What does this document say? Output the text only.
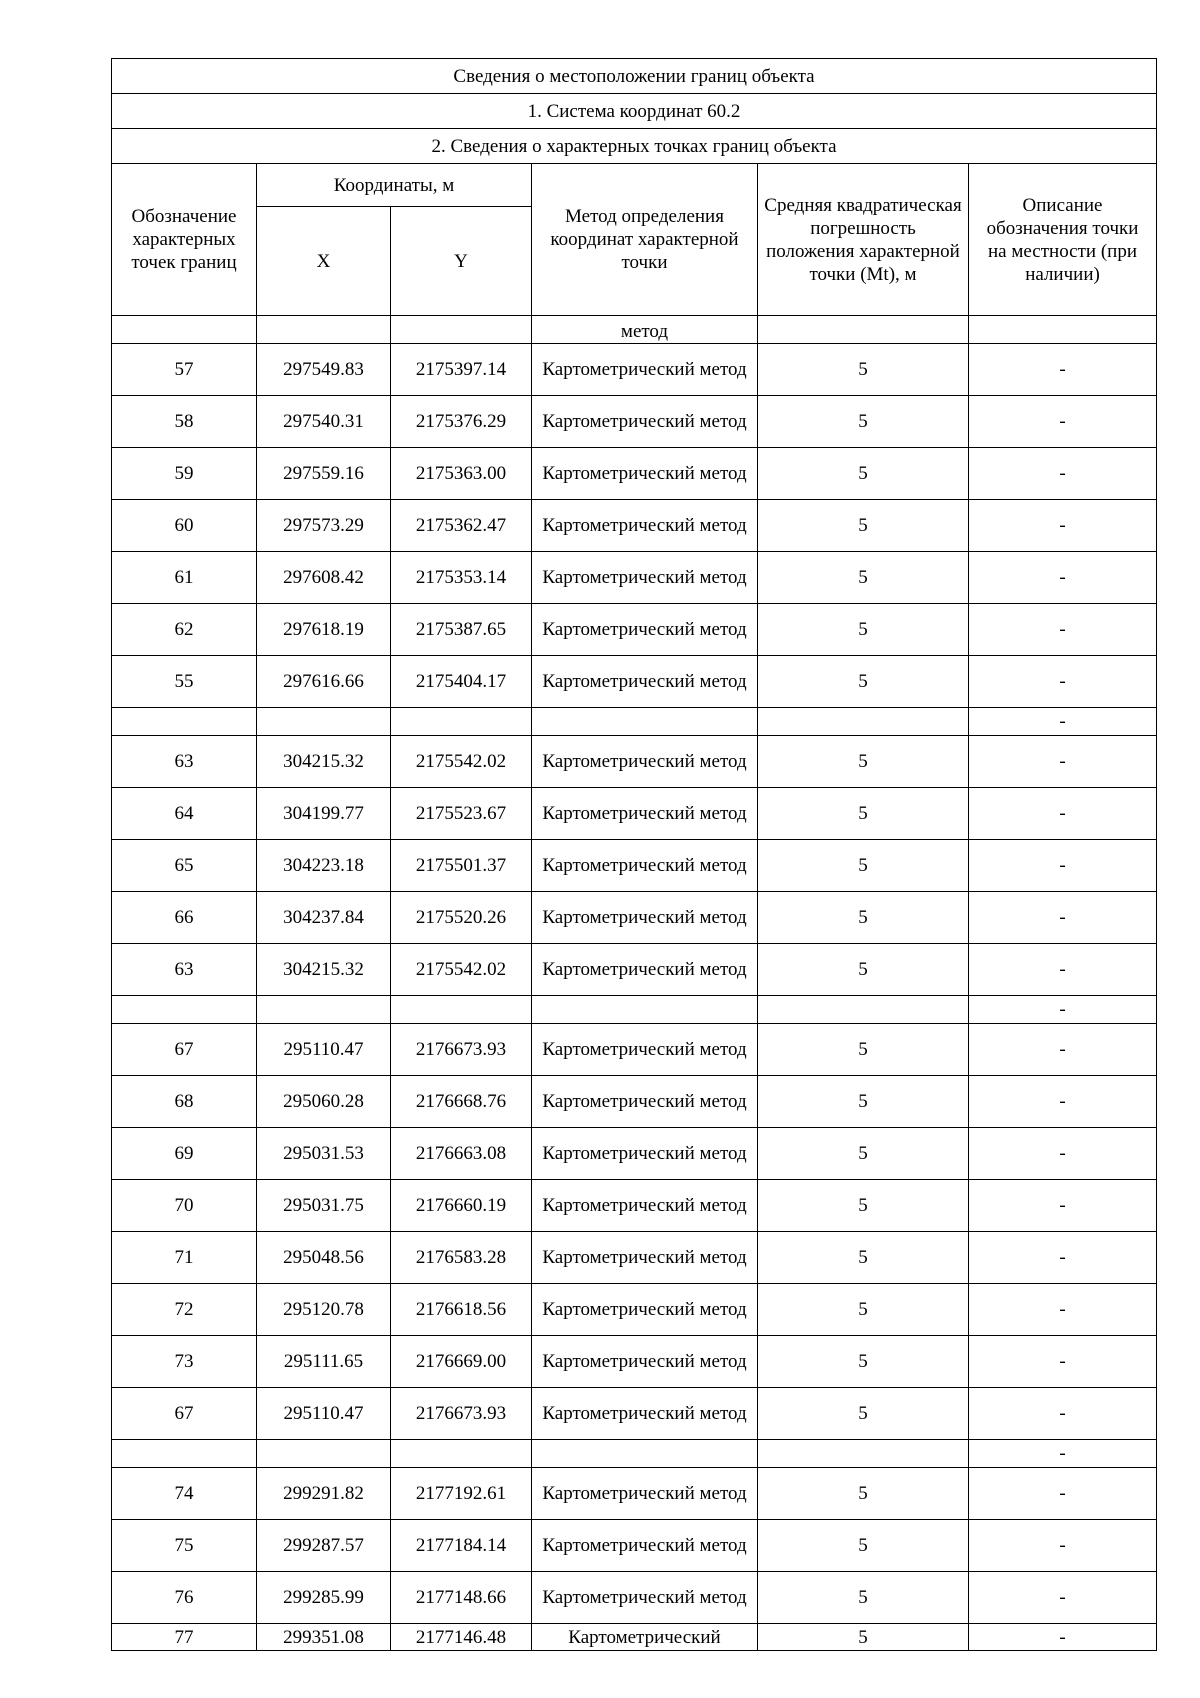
Сведения о местоположении границ объекта					
1. Система координат 60.2					
2. Сведения о характерных точках границ объекта					
Обозначение характерных точек границ	Координаты, м		Метод определения координат характерной точки	Средняя квадратическая погрешность положения характерной точки (Mt), м	Описание обозначения точки на местности (при наличии)
	X	Y			
			метод		
57	297549.83	2175397.14	Картометрический метод	5	-
58	297540.31	2175376.29	Картометрический метод	5	-
59	297559.16	2175363.00	Картометрический метод	5	-
60	297573.29	2175362.47	Картометрический метод	5	-
61	297608.42	2175353.14	Картометрический метод	5	-
62	297618.19	2175387.65	Картометрический метод	5	-
55	297616.66	2175404.17	Картометрический метод	5	-
					-
63	304215.32	2175542.02	Картометрический метод	5	-
64	304199.77	2175523.67	Картометрический метод	5	-
65	304223.18	2175501.37	Картометрический метод	5	-
66	304237.84	2175520.26	Картометрический метод	5	-
63	304215.32	2175542.02	Картометрический метод	5	-
					-
67	295110.47	2176673.93	Картометрический метод	5	-
68	295060.28	2176668.76	Картометрический метод	5	-
69	295031.53	2176663.08	Картометрический метод	5	-
70	295031.75	2176660.19	Картометрический метод	5	-
71	295048.56	2176583.28	Картометрический метод	5	-
72	295120.78	2176618.56	Картометрический метод	5	-
73	295111.65	2176669.00	Картометрический метод	5	-
67	295110.47	2176673.93	Картометрический метод	5	-
					-
74	299291.82	2177192.61	Картометрический метод	5	-
75	299287.57	2177184.14	Картометрический метод	5	-
76	299285.99	2177148.66	Картометрический метод	5	-
77	299351.08	2177146.48	Картометрический	5	-
